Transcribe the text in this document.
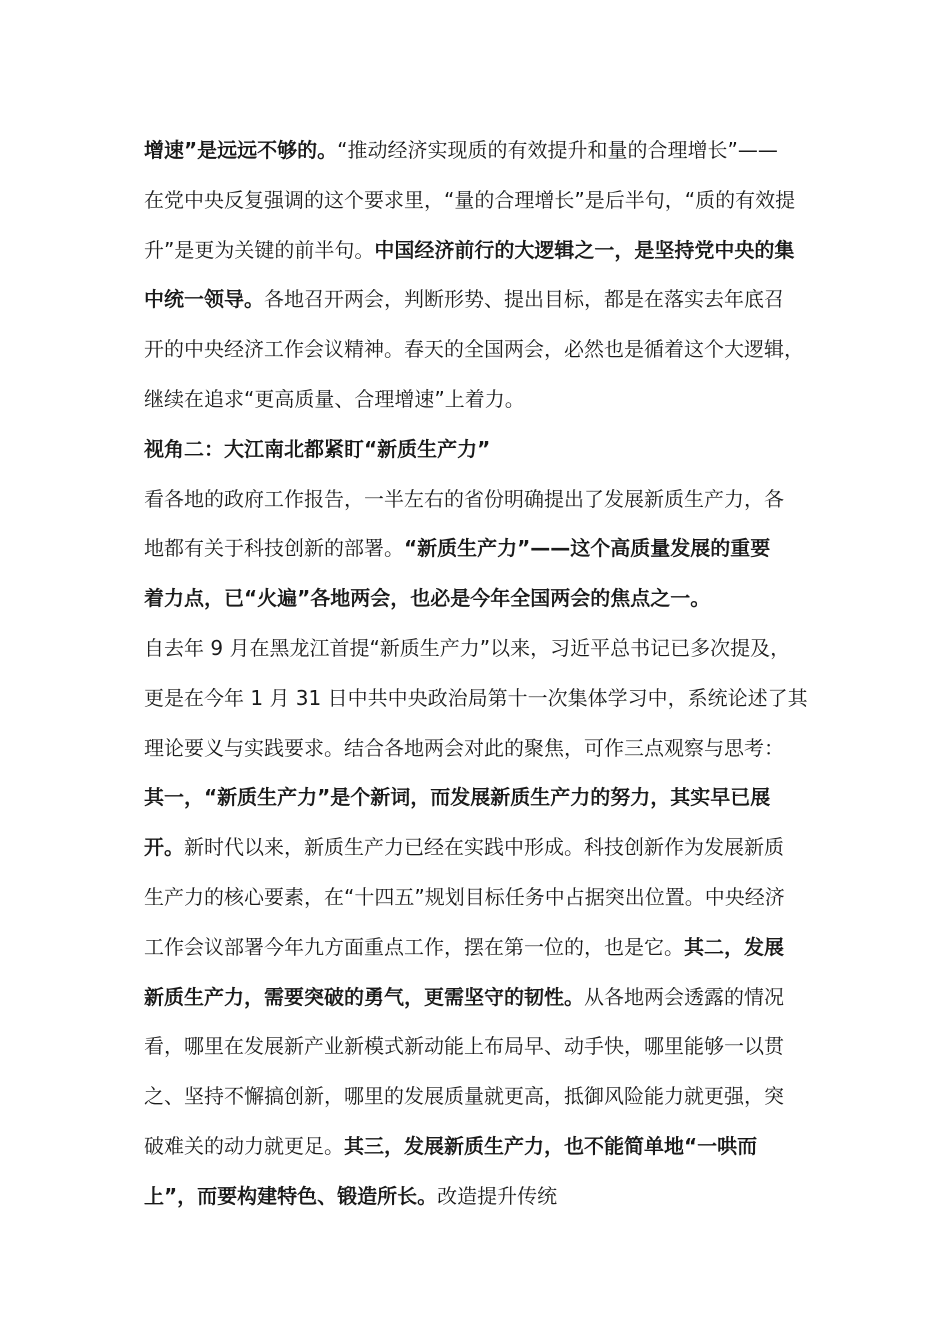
增速”是远远不够的。“推动经济实现质的有效提升和量的合理增长”——
在党中央反复强调的这个要求里，“量的合理增长”是后半句，“质的有效提
升”是更为关键的前半句。中国经济前行的大逻辑之一，是坚持党中央的集
中统一领导。各地召开两会，判断形势、提出目标，都是在落实去年底召
开的中央经济工作会议精神。春天的全国两会，必然也是循着这个大逻辑，
继续在追求“更高质量、合理增速”上着力。
视角二：大江南北都紧盯“新质生产力”
看各地的政府工作报告，一半左右的省份明确提出了发展新质生产力，各
地都有关于科技创新的部署。“新质生产力”——这个高质量发展的重要
着力点，已“火遍”各地两会，也必是今年全国两会的焦点之一。
自去年 9 月在黑龙江首提“新质生产力”以来，习近平总书记已多次提及，
更是在今年 1 月 31 日中共中央政治局第十一次集体学习中，系统论述了其
理论要义与实践要求。结合各地两会对此的聚焦，可作三点观察与思考：
其一，“新质生产力”是个新词，而发展新质生产力的努力，其实早已展
开。新时代以来，新质生产力已经在实践中形成。科技创新作为发展新质
生产力的核心要素，在“十四五”规划目标任务中占据突出位置。中央经济
工作会议部署今年九方面重点工作，摆在第一位的，也是它。其二，发展
新质生产力，需要突破的勇气，更需坚守的韧性。从各地两会透露的情况
看，哪里在发展新产业新模式新动能上布局早、动手快，哪里能够一以贯
之、坚持不懈搞创新，哪里的发展质量就更高，抵御风险能力就更强，突
破难关的动力就更足。其三，发展新质生产力，也不能简单地“一哄而
上”，而要构建特色、锻造所长。改造提升传统
